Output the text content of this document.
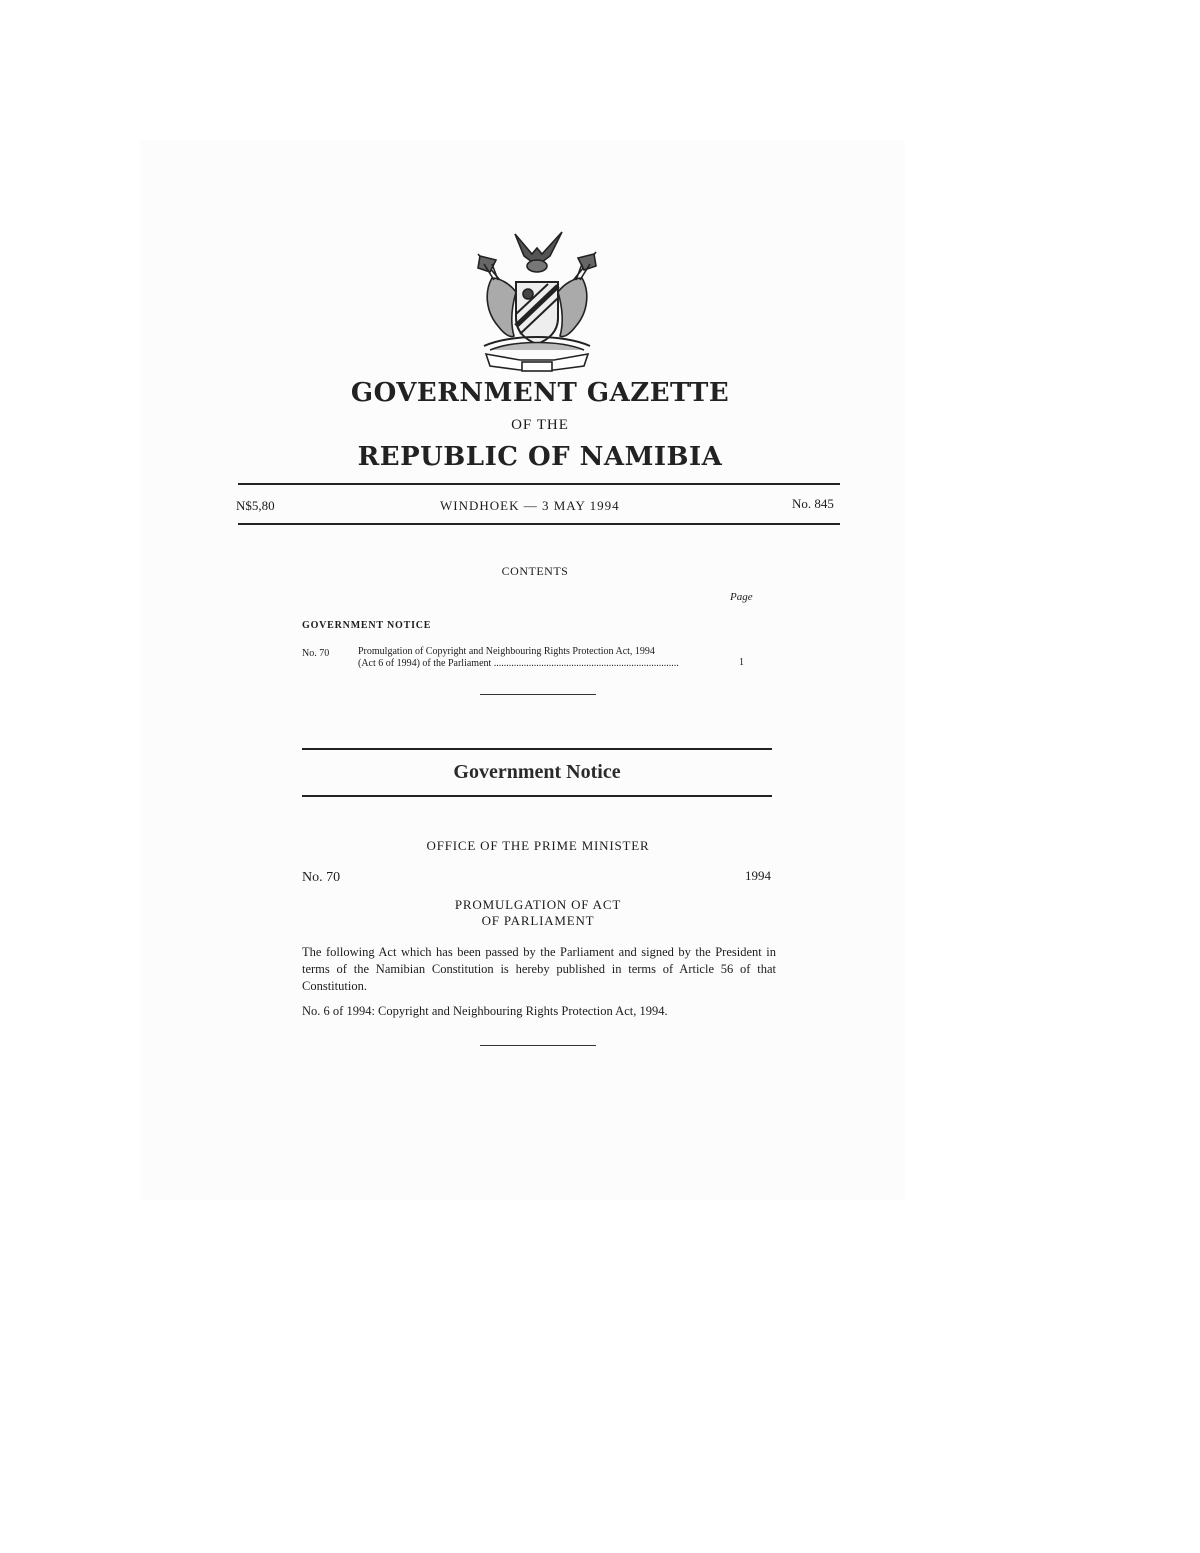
GOVERNMENT GAZETTE
OF THE
REPUBLIC OF NAMIBIA
N$5,80	WINDHOEK — 3 MAY 1994	No. 845
CONTENTS
Page
GOVERNMENT NOTICE
No. 70	Promulgation of Copyright and Neighbouring Rights Protection Act, 1994
(Act 6 of 1994) of the Parliament ..........................................................................	1
Government Notice
OFFICE OF THE PRIME MINISTER
No. 70	1994
PROMULGATION OF ACT
OF PARLIAMENT
The following Act which has been passed by the Parliament and signed by the President in terms of the Namibian Constitution is hereby published in terms of Article 56 of that Constitution.
No. 6 of 1994: Copyright and Neighbouring Rights Protection Act, 1994.
